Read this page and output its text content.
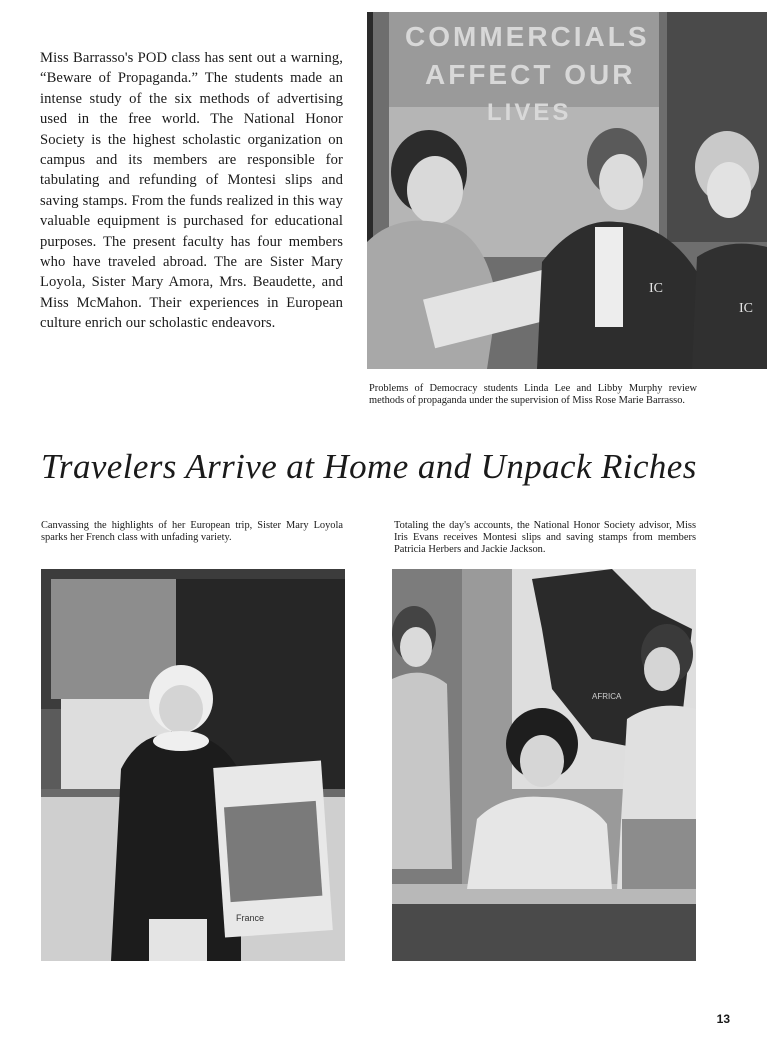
Miss Barrasso's POD class has sent out a warning, “Beware of Propaganda.” The students made an intense study of the six methods of advertising used in the free world. The National Honor Society is the highest scholastic organization on campus and its members are responsible for tabulating and refunding of Montesi slips and saving stamps. From the funds realized in this way valuable equipment is purchased for educational purposes. The present faculty has four members who have traveled abroad. The are Sister Mary Loyola, Sister Mary Amora, Mrs. Beaudette, and Miss McMahon. Their experiences in European culture enrich our scholastic endeavors.
COMMERCIALS
AFFECT OUR
LIVES
IC
IC
Problems of Democracy students Linda Lee and Libby Murphy review methods of propaganda under the supervision of Miss Rose Marie Barrasso.
Travelers Arrive at Home and Unpack Riches
Canvassing the highlights of her European trip, Sister Mary Loyola sparks her French class with unfading variety.
France
Totaling the day's accounts, the National Honor Society advisor, Miss Iris Evans receives Montesi slips and saving stamps from members Patricia Herbers and Jackie Jackson.
AFRICA
13
